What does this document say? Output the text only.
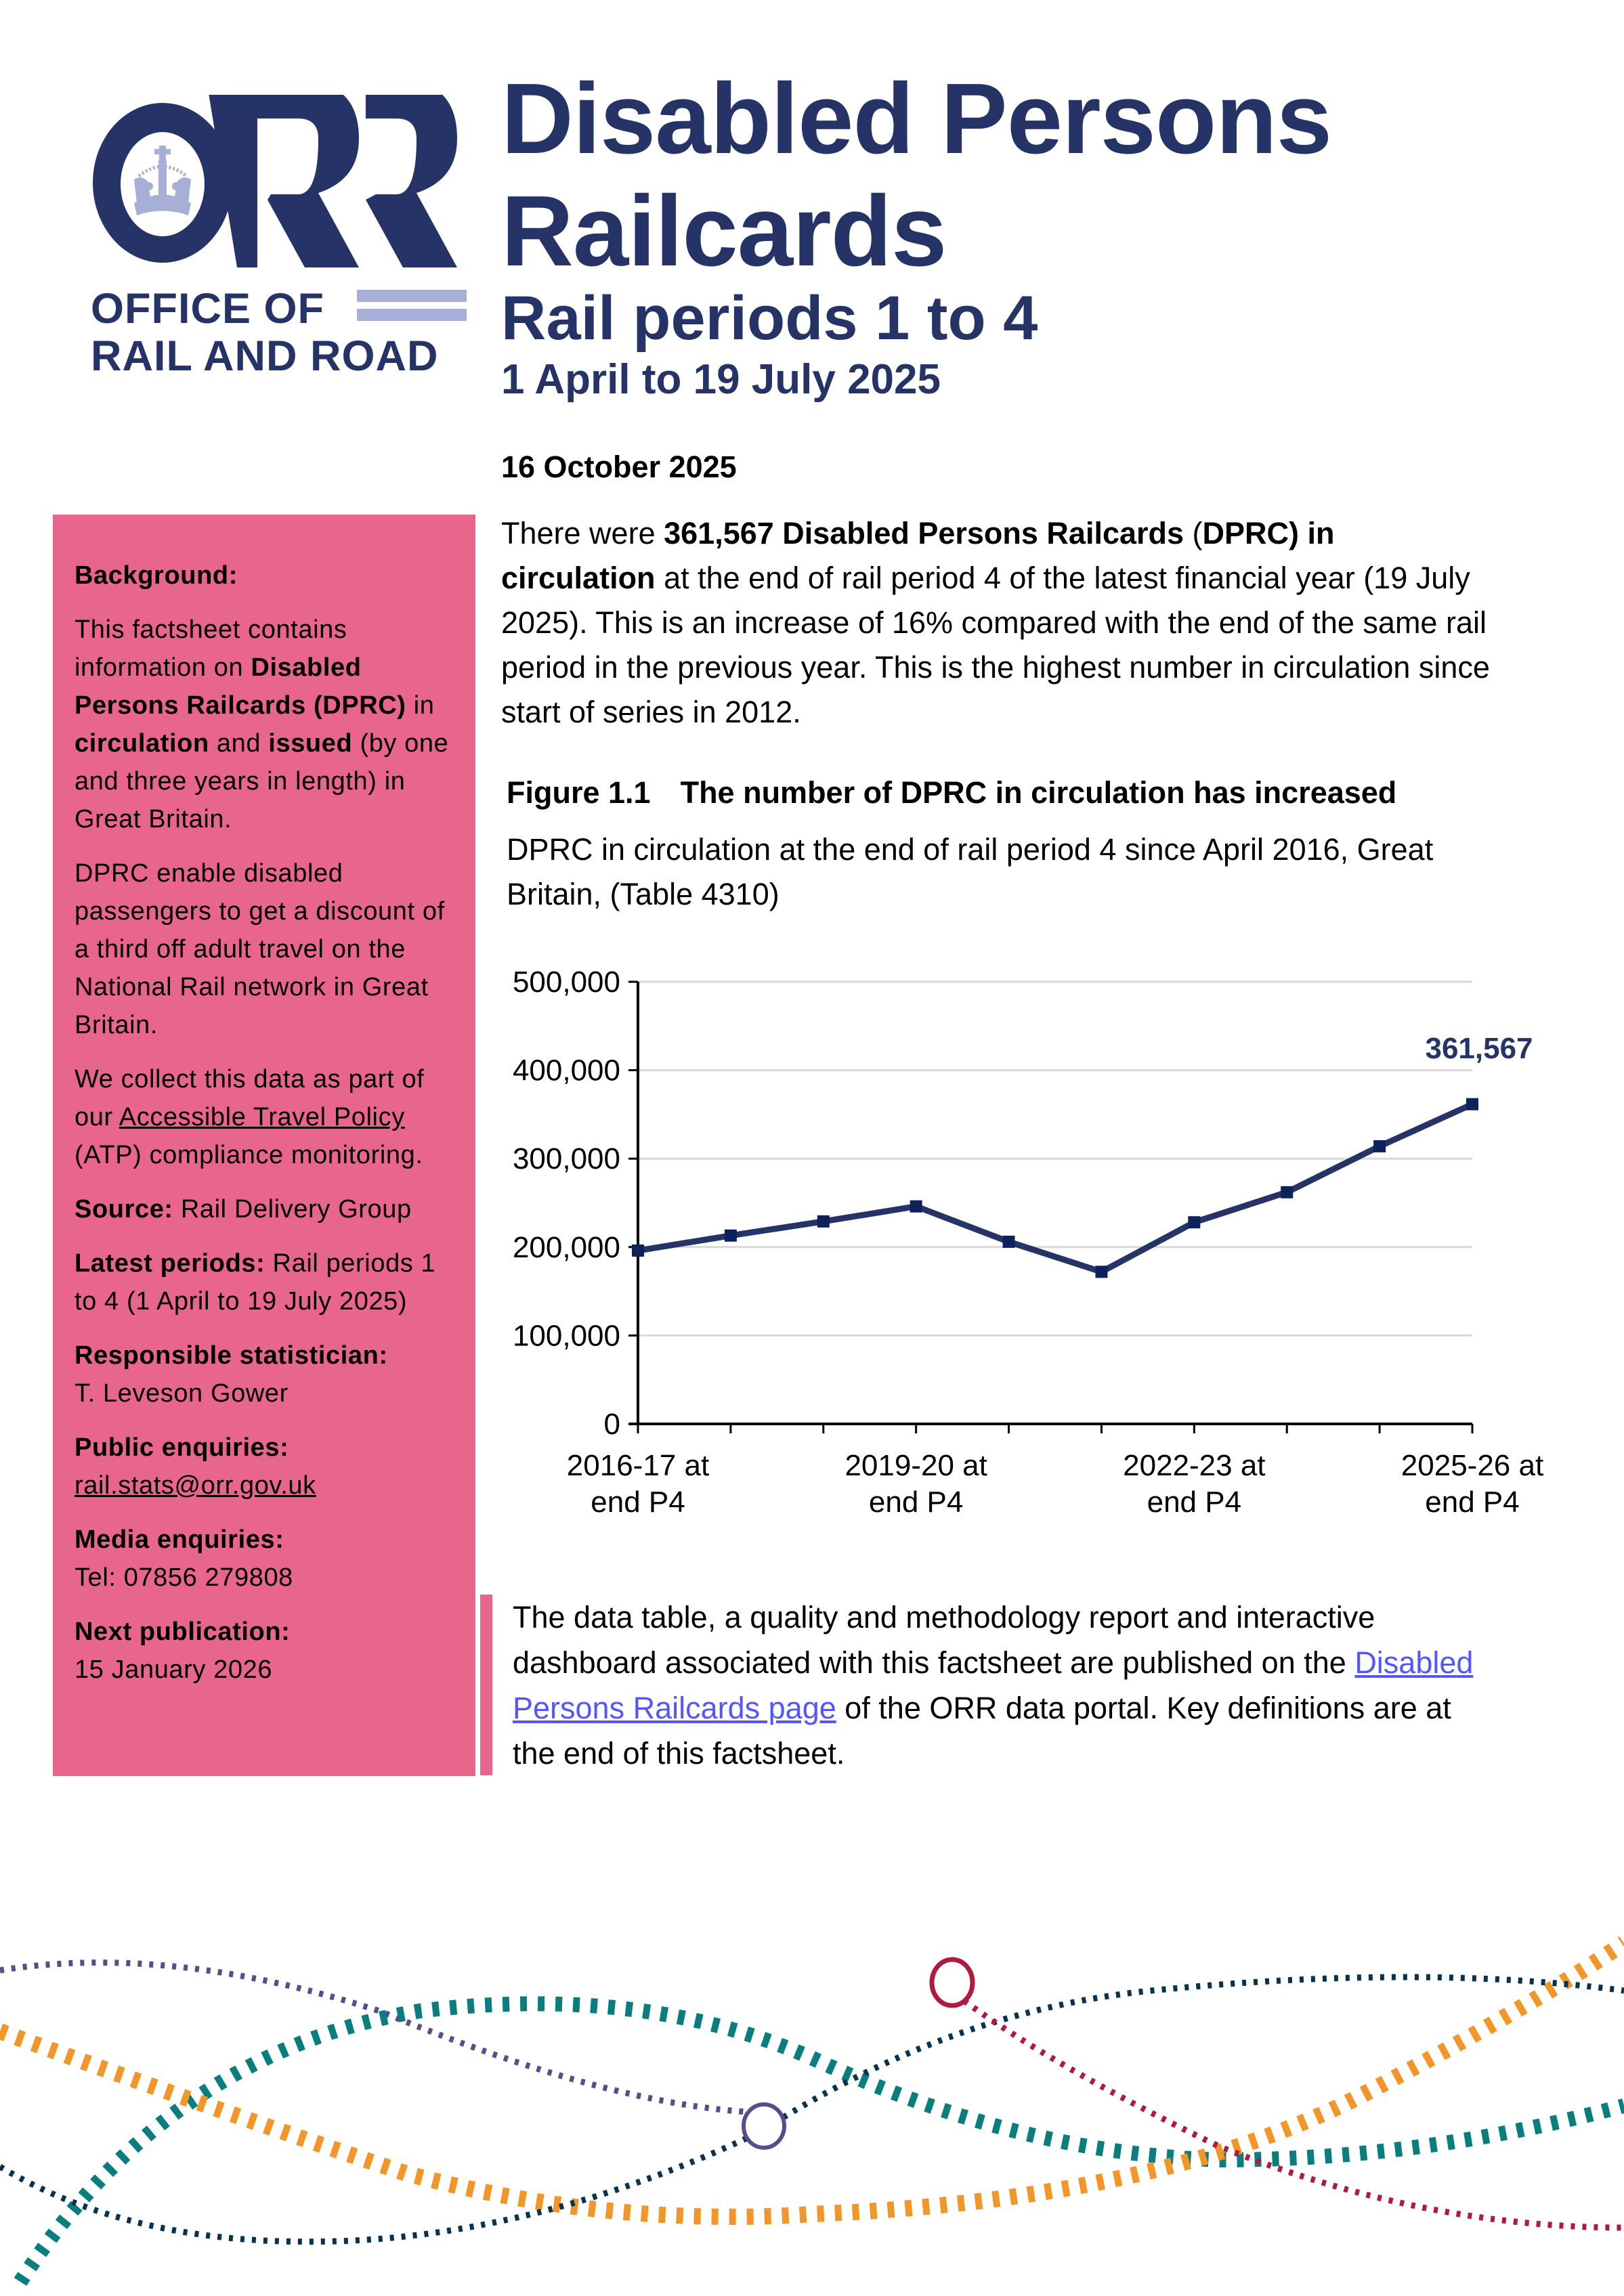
OFFICE OF
RAIL AND ROAD
Disabled Persons
Railcards
Rail periods 1 to 4
1 April to 19 July 2025
16 October 2025

Background:

This factsheet contains information on Disabled Persons Railcards (DPRC) in circulation and issued (by one and three years in length) in Great Britain.

DPRC enable disabled passengers to get a discount of a third off adult travel on the National Rail network in Great Britain.

We collect this data as part of our Accessible Travel Policy (ATP) compliance monitoring.

Source: Rail Delivery Group

Latest periods: Rail periods 1 to 4 (1 April to 19 July 2025)

Responsible statistician:

T. Leveson Gower

Public enquiries:

rail.stats@orr.gov.uk

Media enquiries:

Tel: 07856 279808

Next publication:

15 January 2026

There were 361,567 Disabled Persons Railcards (DPRC) in circulation at the end of rail period 4 of the latest financial year (19 July 2025). This is an increase of 16% compared with the end of the same rail period in the previous year. This is the highest number in circulation since start of series in 2012.

Figure 1.1 The number of DPRC in circulation has increased

DPRC in circulation at the end of rail period 4 since April 2016, Great Britain, (Table 4310)

0
100,000
200,000
300,000
400,000
500,000
2016-17 at
end P4
2019-20 at
end P4
2022-23 at
end P4
2025-26 at
end P4
361,567

The data table, a quality and methodology report and interactive dashboard associated with this factsheet are published on the Disabled Persons Railcards page of the ORR data portal. Key definitions are at the end of this factsheet.
